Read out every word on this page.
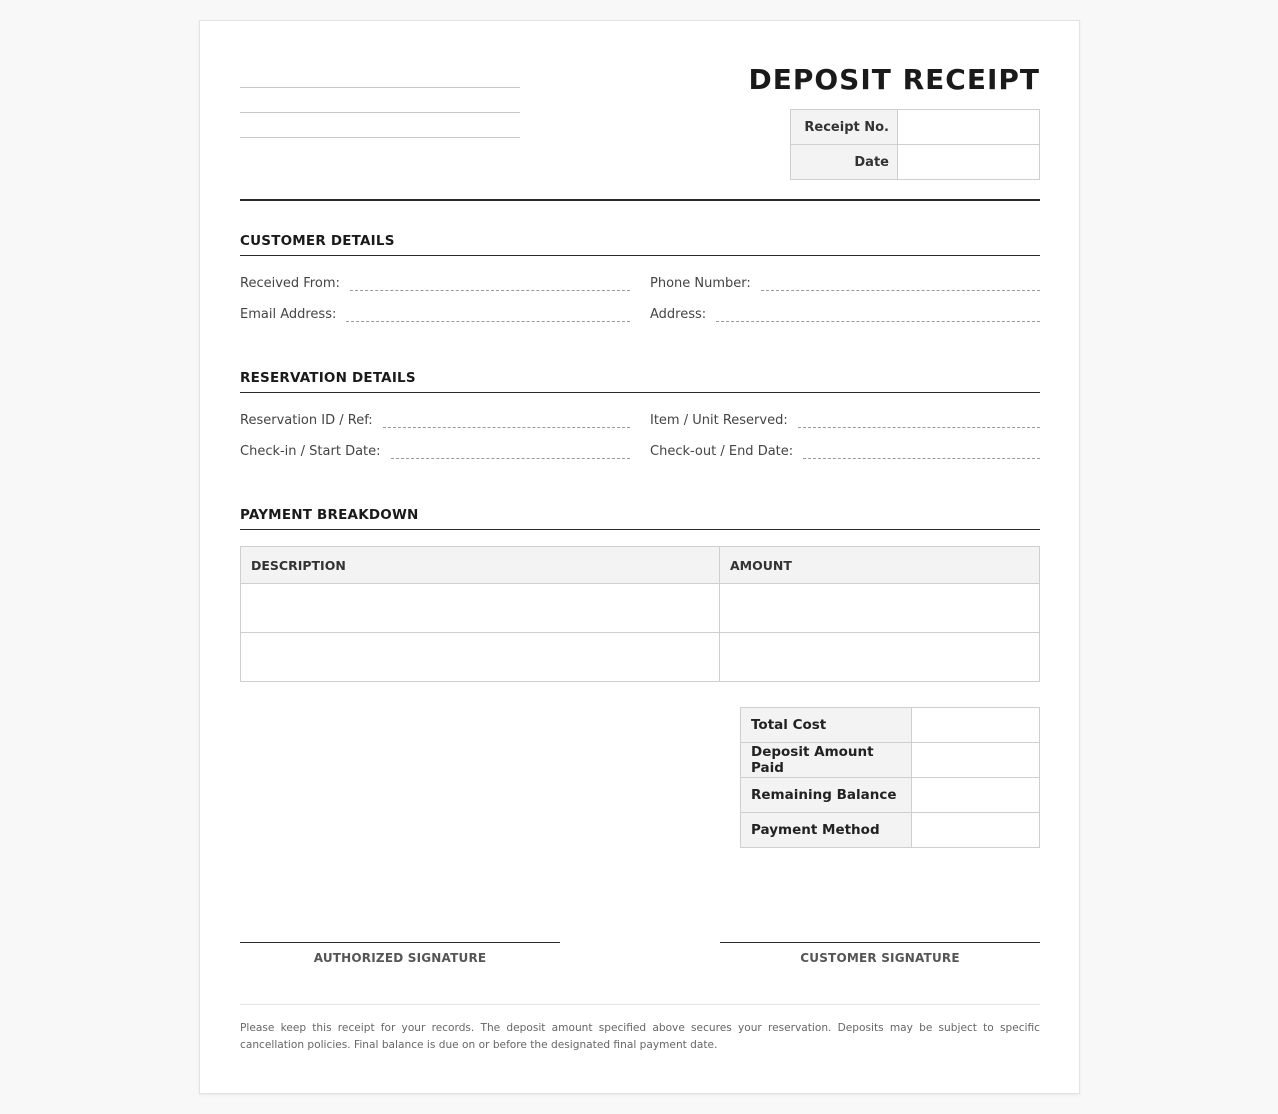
DEPOSIT RECEIPT
Receipt No.	
Date	
CUSTOMER DETAILS
Received From:	Phone Number:
Email Address:	Address:
RESERVATION DETAILS
Reservation ID / Ref:	Item / Unit Reserved:
Check-in / Start Date:	Check-out / End Date:
PAYMENT BREAKDOWN
DESCRIPTION	AMOUNT

Total Cost	
Deposit Amount Paid	
Remaining Balance	
Payment Method	
AUTHORIZED SIGNATURE	CUSTOMER SIGNATURE
Please keep this receipt for your records. The deposit amount specified above secures your reservation. Deposits may be subject to specific cancellation policies. Final balance is due on or before the designated final payment date.
